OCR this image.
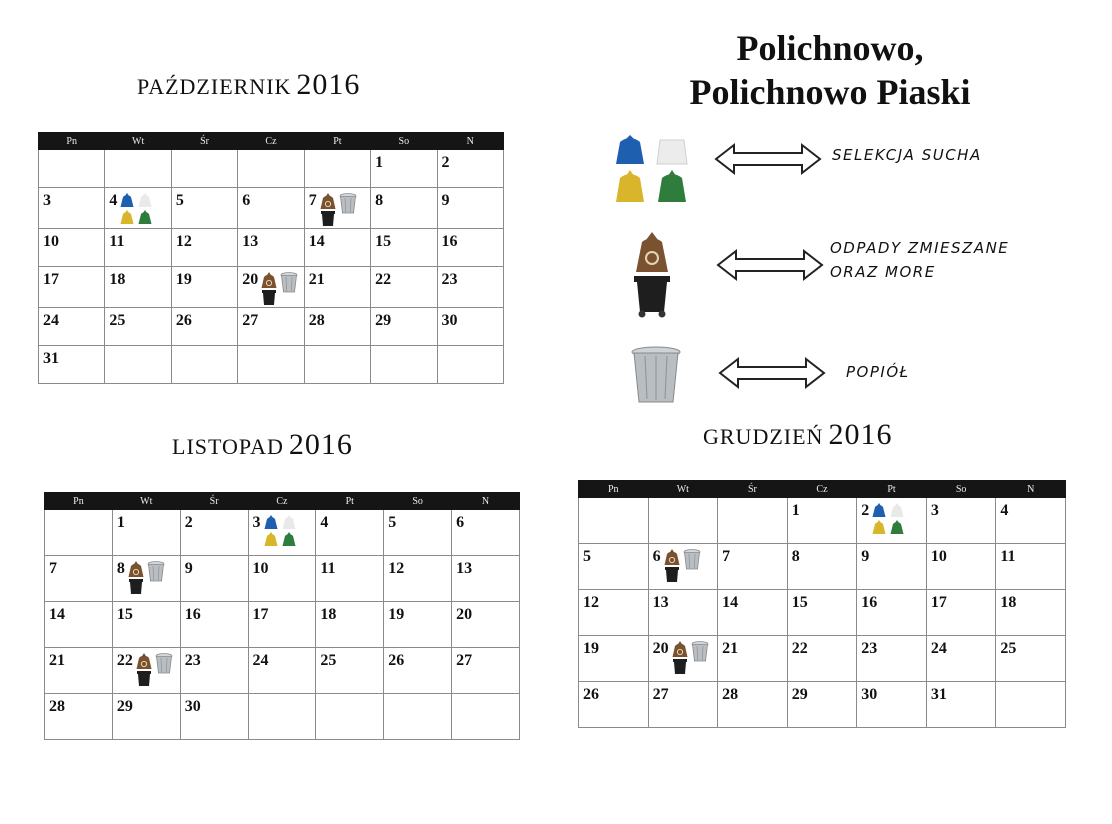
Polichnowo,
Polichnowo Piaski
PAŹDZIERNIK 2016
LISTOPAD 2016	GRUDZIEŃ 2016
Pn	Wt	Śr	Cz	Pt	So	N
					1	2
3	4	5	6	7	8	9
10	11	12	13	14	15	16
17	18	19	20	21	22	23
24	25	26	27	28	29	30
31						
Pn	Wt	Śr	Cz	Pt	So	N
	1	2	3	4	5	6
7	8	9	10	11	12	13
14	15	16	17	18	19	20
21	22	23	24	25	26	27
28	29	30				
Pn	Wt	Śr	Cz	Pt	So	N
			1	2	3	4
5	6	7	8	9	10	11
12	13	14	15	16	17	18
19	20	21	22	23	24	25
26	27	28	29	30	31	
SELEKCJA SUCHA
ODPADY ZMIESZANE
ORAZ MORE
POPIÓŁ
